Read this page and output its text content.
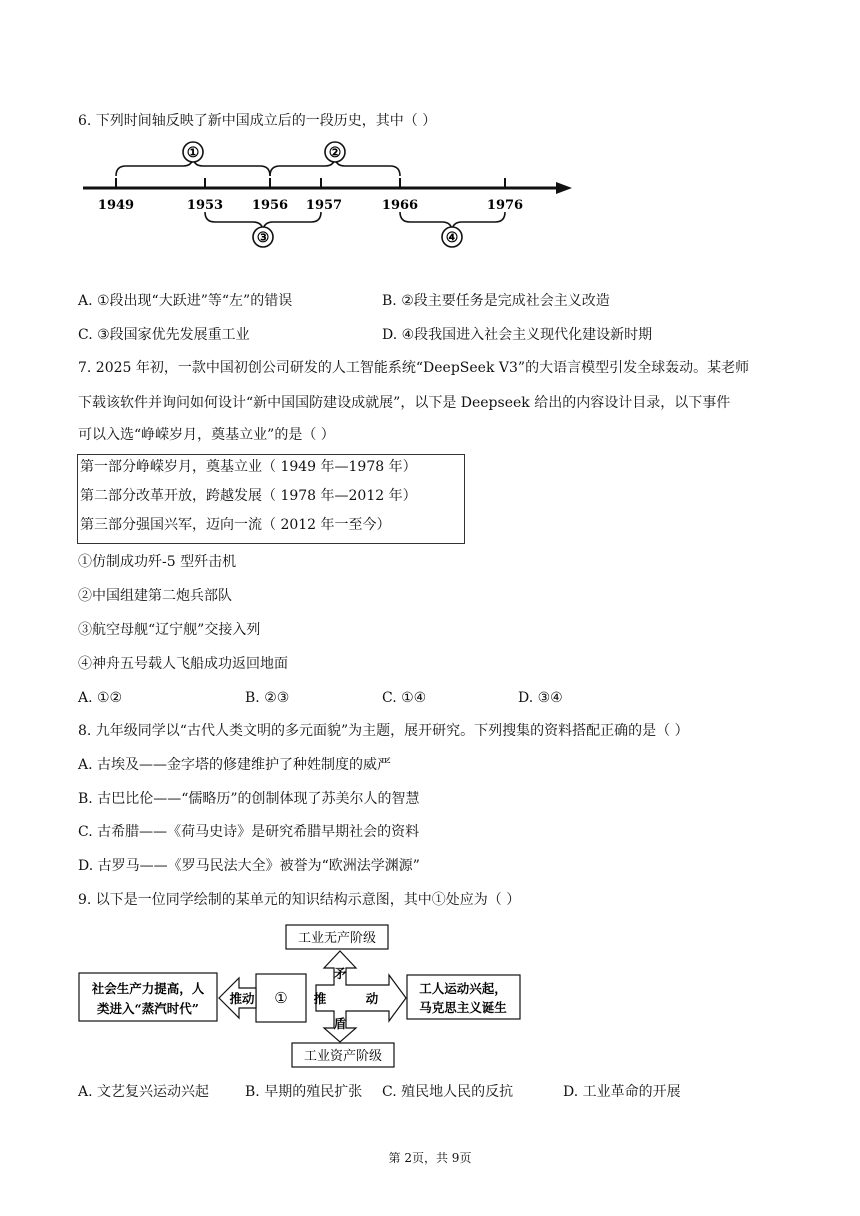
6. 下列时间轴反映了新中国成立后的一段历史，其中（ ）
1949	1953 1956 1957	1966	1976
①	②
③	④
A. ①段出现“大跃进”等“左”的错误	B. ②段主要任务是完成社会主义改造
C. ③段国家优先发展重工业	D. ④段我国进入社会主义现代化建设新时期
7. 2025 年初，一款中国初创公司研发的人工智能系统“DeepSeek V3”的大语言模型引发全球轰动。某老师
下载该软件并询问如何设计“新中国国防建设成就展”，以下是 Deepseek 给出的内容设计目录，以下事件
可以入选“峥嵘岁月，奠基立业”的是（ ）
第一部分峥嵘岁月，奠基立业（ 1949 年—1978 年）
第二部分改革开放，跨越发展（ 1978 年—2012 年）
第三部分强国兴军，迈向一流（ 2012 年一至今）
①仿制成功歼-5 型歼击机
②中国组建第二炮兵部队
③航空母舰“辽宁舰”交接入列
④神舟五号载人飞船成功返回地面
A. ①②	B. ②③	C. ①④	D. ③④
8. 九年级同学以“古代人类文明的多元面貌”为主题，展开研究。下列搜集的资料搭配正确的是（ ）
A. 古埃及——金字塔的修建维护了种姓制度的威严
B. 古巴比伦——“儒略历”的创制体现了苏美尔人的智慧
C. 古希腊——《荷马史诗》是研究希腊早期社会的资料
D. 古罗马——《罗马民法大全》被誉为“欧洲法学渊源”
9. 以下是一位同学绘制的某单元的知识结构示意图，其中①处应为（ ）
工业无产阶级
工业资产阶级
社会生产力提高，人
类进入“蒸汽时代”
工人运动兴起，
马克思主义诞生
①
推动
矛
盾
推	动
A. 文艺复兴运动兴起	B. 早期的殖民扩张 C. 殖民地人民的反抗	D. 工业革命的开展
第 2页，共 9页
